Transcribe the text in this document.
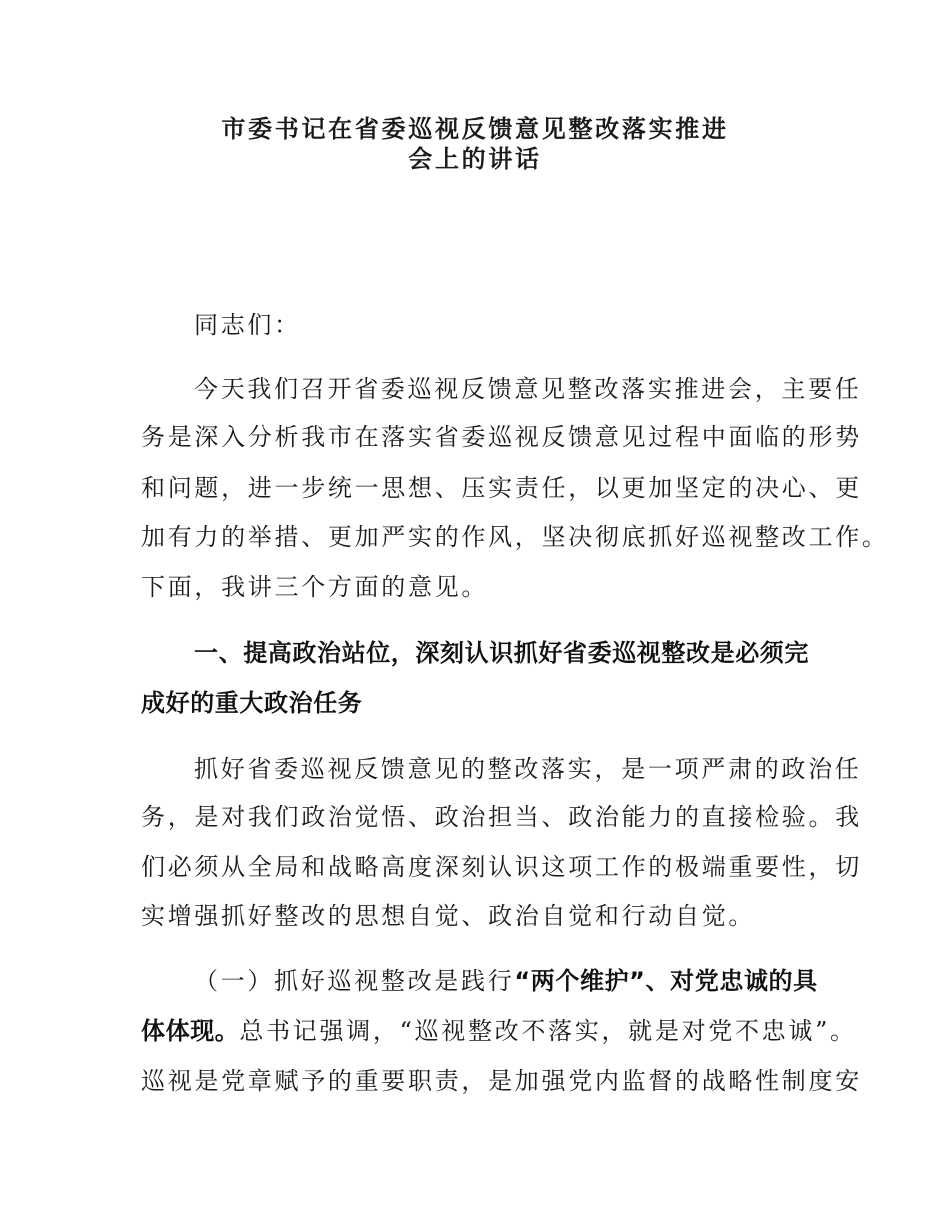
市委书记在省委巡视反馈意见整改落实推进
会上的讲话
同志们：
今天我们召开省委巡视反馈意见整改落实推进会，主要任
务是深入分析我市在落实省委巡视反馈意见过程中面临的形势
和问题，进一步统一思想、压实责任，以更加坚定的决心、更
加有力的举措、更加严实的作风，坚决彻底抓好巡视整改工作。
下面，我讲三个方面的意见。
一、提高政治站位，深刻认识抓好省委巡视整改是必须完
成好的重大政治任务
抓好省委巡视反馈意见的整改落实，是一项严肃的政治任
务，是对我们政治觉悟、政治担当、政治能力的直接检验。我
们必须从全局和战略高度深刻认识这项工作的极端重要性，切
实增强抓好整改的思想自觉、政治自觉和行动自觉。
（一）抓好巡视整改是践行“两个维护”、对党忠诚的具
体体现。总书记强调，“巡视整改不落实，就是对党不忠诚”。
巡视是党章赋予的重要职责，是加强党内监督的战略性制度安
